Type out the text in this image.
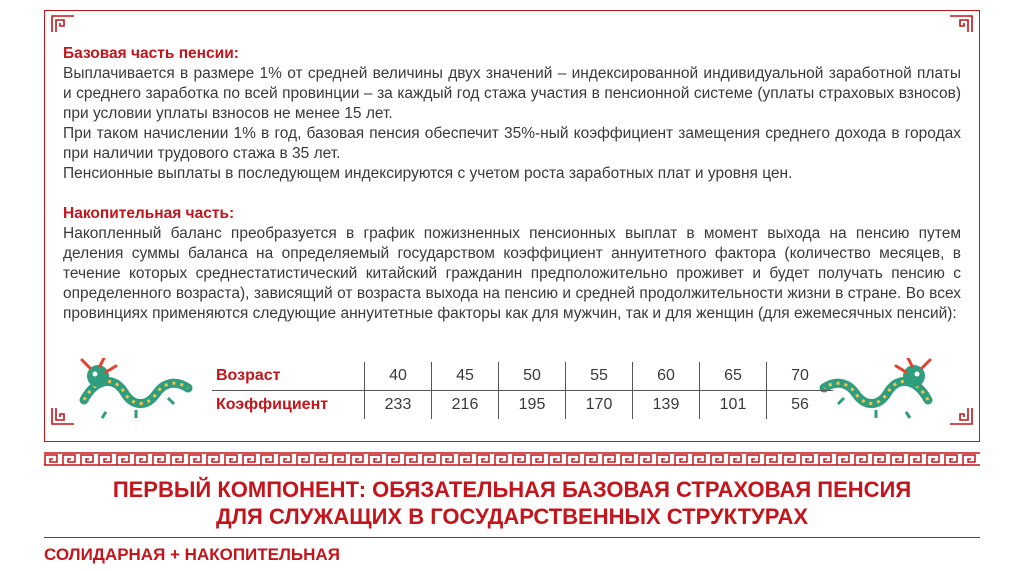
Базовая часть пенсии:

Выплачивается в размере 1% от средней величины двух значений – индексированной индивидуальной заработной платы и среднего заработка по всей провинции – за каждый год стажа участия в пенсионной системе (уплаты страховых взносов) при условии уплаты взносов не менее 15 лет.

При таком начислении 1% в год, базовая пенсия обеспечит 35%-ный коэффициент замещения среднего дохода в городах при наличии трудового стажа в 35 лет.

Пенсионные выплаты в последующем индексируются с учетом роста заработных плат и уровня цен.

Накопительная часть:

Накопленный баланс преобразуется в график пожизненных пенсионных выплат в момент выхода на пенсию путем деления суммы баланса на определяемый государством коэффициент аннуитетного фактора (количество месяцев, в течение которых среднестатистический китайский гражданин предположительно проживет и будет получать пенсию с определенного возраста), зависящий от возраста выхода на пенсию и средней продолжительности жизни в стране. Во всех провинциях применяются следующие аннуитетные факторы как для мужчин, так и для женщин (для ежемесячных пенсий):

Возраст	40	45	50	55	60	65	70
Коэффициент	233	216	195	170	139	101	56
ПЕРВЫЙ КОМПОНЕНТ: ОБЯЗАТЕЛЬНАЯ БАЗОВАЯ СТРАХОВАЯ ПЕНСИЯ
ДЛЯ СЛУЖАЩИХ В ГОСУДАРСТВЕННЫХ СТРУКТУРАХ
СОЛИДАРНАЯ + НАКОПИТЕЛЬНАЯ
